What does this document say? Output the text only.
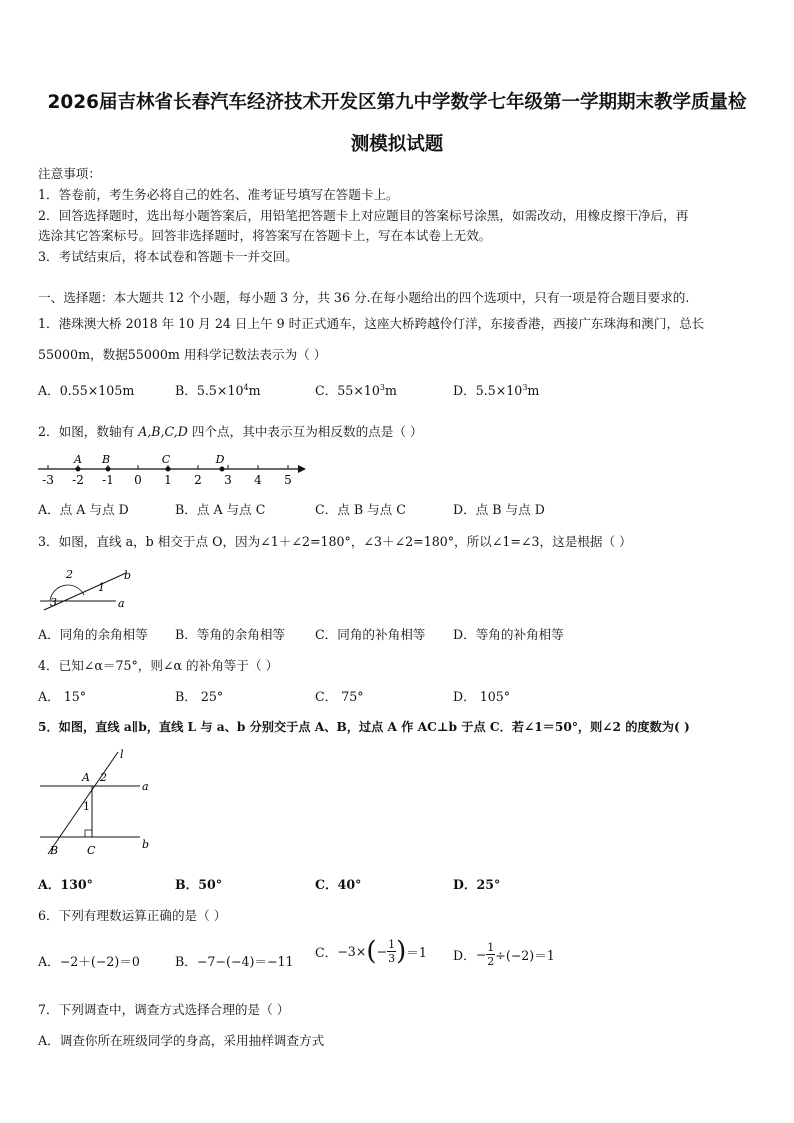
2026届吉林省长春汽车经济技术开发区第九中学数学七年级第一学期期末教学质量检
测模拟试题
注意事项：
1．答卷前，考生务必将自己的姓名、准考证号填写在答题卡上。
2．回答选择题时，选出每小题答案后，用铅笔把答题卡上对应题目的答案标号涂黑，如需改动，用橡皮擦干净后，再
选涂其它答案标号。回答非选择题时，将答案写在答题卡上，写在本试卷上无效。
3．考试结束后，将本试卷和答题卡一并交回。
一、选择题：本大题共 12 个小题，每小题 3 分，共 36 分.在每小题给出的四个选项中，只有一项是符合题目要求的.
1．港珠澳大桥 2018 年 10 月 24 日上午 9 时正式通车，这座大桥跨越伶仃洋，东接香港，西接广东珠海和澳门，总长
55000m，数据55000m 用科学记数法表示为（ ）
A．0.55×105m	B．$5.5\times 10^4m$	C．$55\times 10^3m$	D．$5.5\times 10^3m$
2．如图，数轴有 A,B,C,D 四个点，其中表示互为相反数的点是（ ）
-3 -2 -1 0 1 2 3 4 5
A B	C	D
A．点 A 与点 D	B．点 A 与点 C	C．点 B 与点 C	D．点 B 与点 D
3．如图，直线 a，b 相交于点 O，因为∠1＋∠2=180°，∠3＋∠2=180°，所以∠1=∠3，这是根据（ ）
2
1
3
b
a
A．同角的余角相等 B．等角的余角相等 C．同角的补角相等 D．等角的补角相等
4．已知∠α＝75°，则∠α 的补角等于（ ）
A． 15°	B． 25°	C． 75°	D． 105°
5．如图，直线 a∥b，直线 L 与 a、b 分别交于点 A、B，过点 A 作 AC⊥b 于点 C．若∠1＝50°，则∠2 的度数为( )
l
A 2
a
1
B	C	b
A．130°	B．50°	C．40°	D．25°
6．下列有理数运算正确的是（ ）
A．−2＋(−2)＝0	B．−7−(−4)＝−11
C．$-3\times(- \frac{1}{3} )=1$ D．− $\frac{1}{2} \div(-2)=1$
7．下列调查中，调查方式选择合理的是（ ）
A．调查你所在班级同学的身高，采用抽样调查方式
